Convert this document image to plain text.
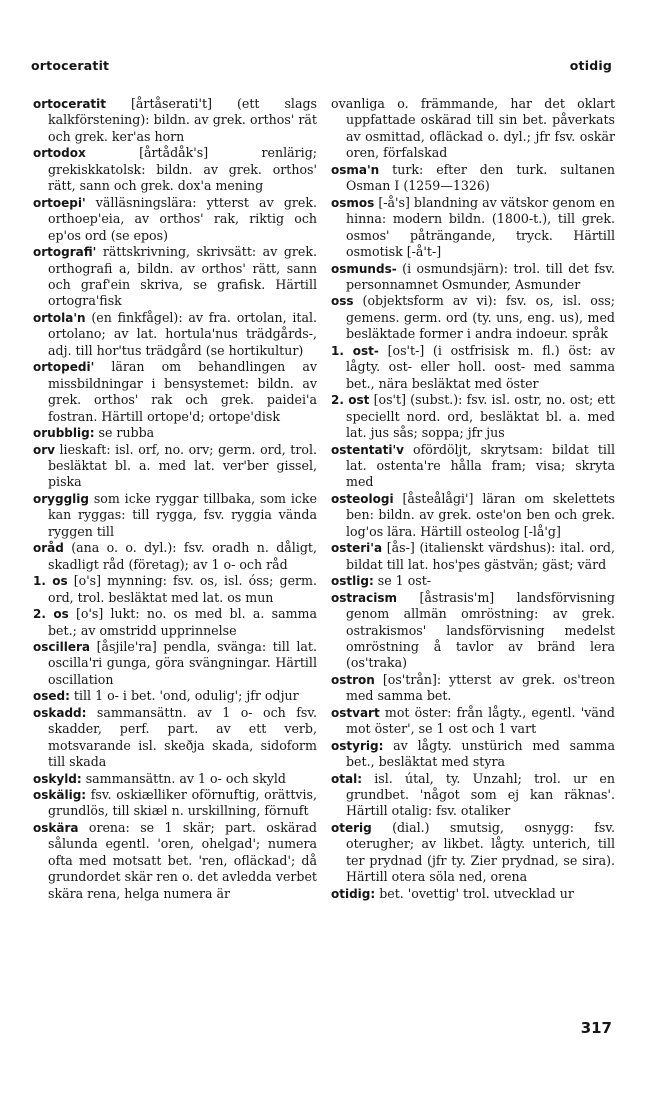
ortoceratit	otidig

ortoceratit [årtåserati't] (ett slags kalkförstening): bildn. av grek. orthos' rät och grek. ker'as horn

ortodox [årtådåk's] renlärig; grekiskkatolsk: bildn. av grek. orthos' rätt, sann och grek. dox'a mening

ortoepi' välläsningslära: ytterst av grek. orthoep'eia, av orthos' rak, riktig och ep'os ord (se epos)

ortografi' rättskrivning, skrivsätt: av grek. orthografi a, bildn. av orthos' rätt, sann och graf'ein skriva, se grafisk. Härtill ortogra'fisk

ortola'n (en finkfågel): av fra. ortolan, ital. ortolano; av lat. hortula'nus trädgårds-, adj. till hor'tus trädgård (se hortikultur)

ortopedi' läran om behandlingen av missbildningar i bensystemet: bildn. av grek. orthos' rak och grek. paidei'a fostran. Härtill ortope'd; ortope'disk

orubblig: se rubba

orv lieskaft: isl. orf, no. orv; germ. ord, trol. besläktat bl. a. med lat. ver'ber gissel, piska

orygglig som icke ryggar tillbaka, som icke kan ryggas: till rygga, fsv. ryggia vända ryggen till

oråd (ana o. o. dyl.): fsv. oradh n. dåligt, skadligt råd (företag); av 1 o- och råd

1. os [o's] mynning: fsv. os, isl. óss; germ. ord, trol. besläktat med lat. os mun

2. os [o's] lukt: no. os med bl. a. samma bet.; av omstridd upprinnelse

oscillera [åsjile'ra] pendla, svänga: till lat. oscilla'ri gunga, göra svängningar. Härtill oscillation

osed: till 1 o- i bet. 'ond, odulig'; jfr odjur

oskadd: sammansättn. av 1 o- och fsv. skadder, perf. part. av ett verb, motsvarande isl. skeðja skada, sidoform till skada

oskyld: sammansättn. av 1 o- och skyld

oskälig: fsv. oskiælliker oförnuftig, orättvis, grundlös, till skiæl n. urskillning, förnuft

oskära orena: se 1 skär; part. oskärad sålunda egentl. 'oren, ohelgad'; numera ofta med motsatt bet. 'ren, ofläckad'; då grundordet skär ren o. det avledda verbet skära rena, helga numera är

ovanliga o. främmande, har det oklart uppfattade oskärad till sin bet. påverkats av osmittad, ofläckad o. dyl.; jfr fsv. oskär oren, förfalskad

osma'n turk: efter den turk. sultanen Osman I (1259—1326)

osmos [-å's] blandning av vätskor genom en hinna: modern bildn. (1800-t.), till grek. osmos' påträngande, tryck. Härtill osmotisk [-å't-]

osmunds- (i osmundsjärn): trol. till det fsv. personnamnet Osmunder, Asmunder

oss (objektsform av vi): fsv. os, isl. oss; gemens. germ. ord (ty. uns, eng. us), med besläktade former i andra indoeur. språk

1. ost- [os't-] (i ostfrisisk m. fl.) öst: av lågty. ost- eller holl. oost- med samma bet., nära besläktat med öster

2. ost [os't] (subst.): fsv. isl. ostr, no. ost; ett speciellt nord. ord, besläktat bl. a. med lat. jus sås; soppa; jfr jus

ostentati'v ofördöljt, skrytsam: bildat till lat. ostenta're hålla fram; visa; skryta med

osteologi [åsteålågi'] läran om skelettets ben: bildn. av grek. oste'on ben och grek. log'os lära. Härtill osteolog [-lå'g]

osteri'a [ås-] (italienskt värdshus): ital. ord, bildat till lat. hos'pes gästvän; gäst; värd

ostlig: se 1 ost-

ostracism [åstrasis'm] landsförvisning genom allmän omröstning: av grek. ostrakismos' landsförvisning medelst omröstning å tavlor av bränd lera (os'traka)

ostron [os'trån]: ytterst av grek. os'treon med samma bet.

ostvart mot öster: från lågty., egentl. 'vänd mot öster', se 1 ost och 1 vart

ostyrig: av lågty. unstürich med samma bet., besläktat med styra

otal: isl. útal, ty. Unzahl; trol. ur en grundbet. 'något som ej kan räknas'. Härtill otalig: fsv. otaliker

oterig (dial.) smutsig, osnygg: fsv. oterugher; av likbet. lågty. unterich, till ter prydnad (jfr ty. Zier prydnad, se sira). Härtill otera söla ned, orena

otidig: bet. 'ovettig' trol. utvecklad ur

317
